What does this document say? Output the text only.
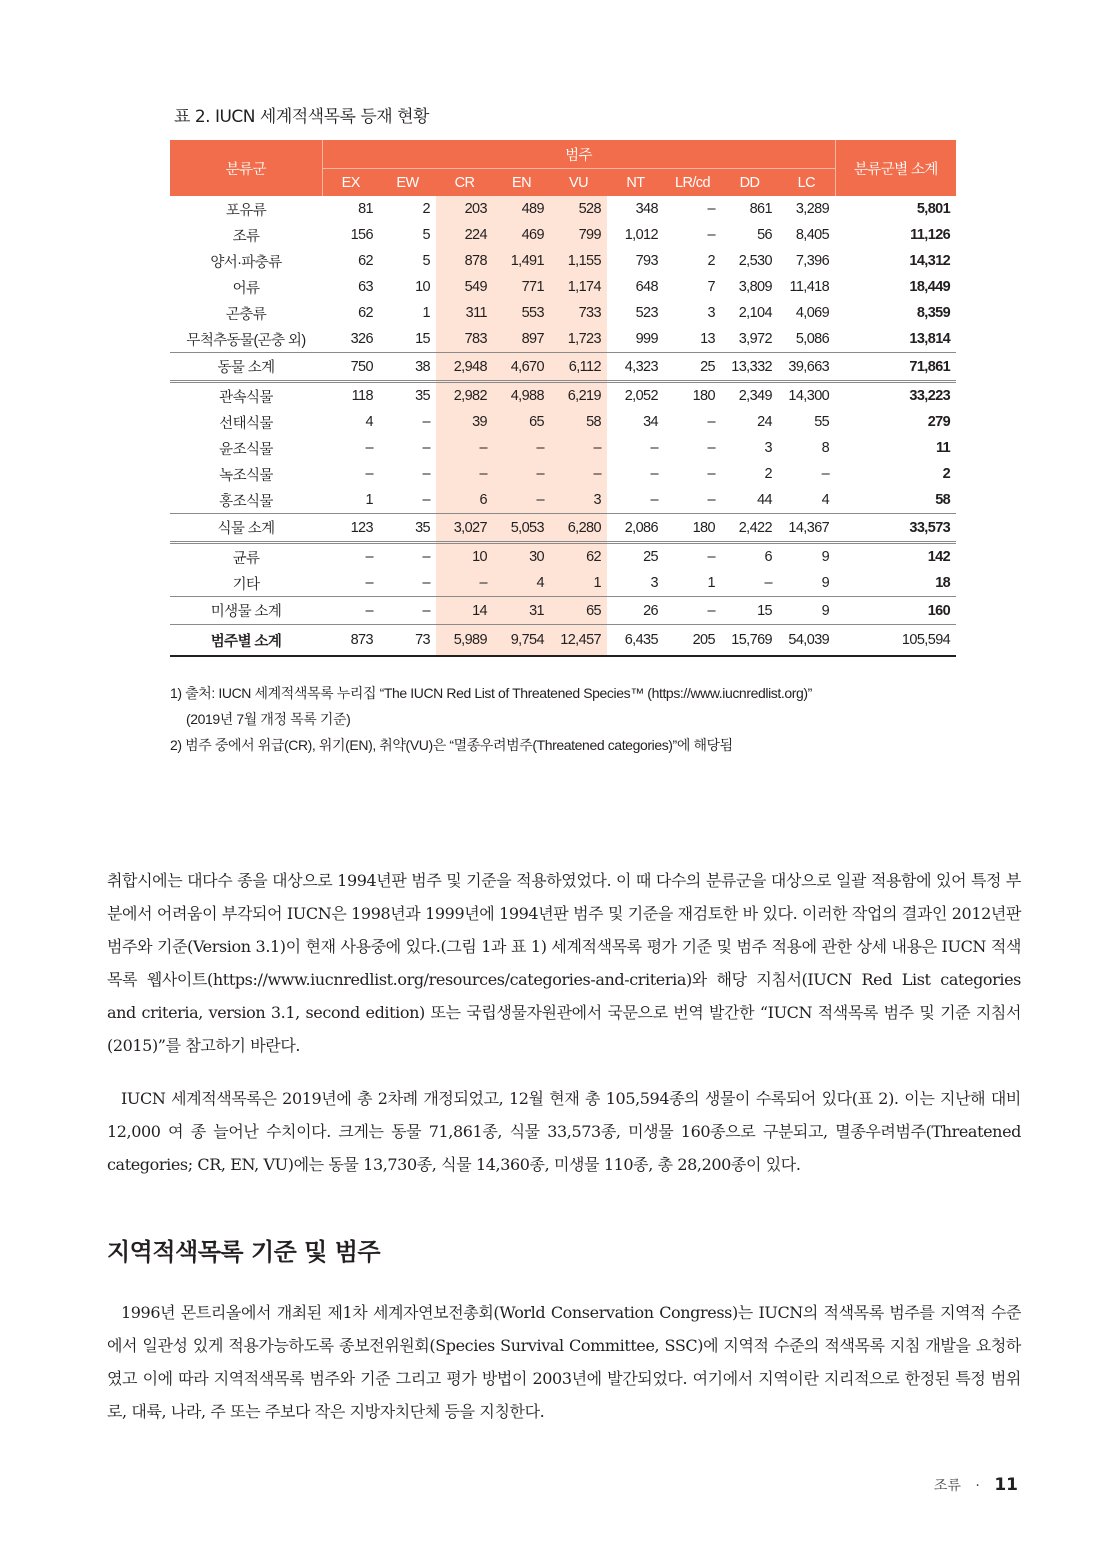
표 2. IUCN 세계적색목록 등재 현황
분류군	범주									분류군별 소계
	EX	EW	CR	EN	VU	NT	LR/cd	DD	LC	
포유류	81	2	203	489	528	348	–	861	3,289	5,801
조류	156	5	224	469	799	1,012	–	56	8,405	11,126
양서·파충류	62	5	878	1,491	1,155	793	2	2,530	7,396	14,312
어류	63	10	549	771	1,174	648	7	3,809	11,418	18,449
곤충류	62	1	311	553	733	523	3	2,104	4,069	8,359
무척추동물(곤충 외)	326	15	783	897	1,723	999	13	3,972	5,086	13,814
동물 소계	750	38	2,948	4,670	6,112	4,323	25	13,332	39,663	71,861
관속식물	118	35	2,982	4,988	6,219	2,052	180	2,349	14,300	33,223
선태식물	4	–	39	65	58	34	–	24	55	279
윤조식물	–	–	–	–	–	–	–	3	8	11
녹조식물	–	–	–	–	–	–	–	2	–	2
홍조식물	1	–	6	–	3	–	–	44	4	58
식물 소계	123	35	3,027	5,053	6,280	2,086	180	2,422	14,367	33,573
균류	–	–	10	30	62	25	–	6	9	142
기타	–	–	–	4	1	3	1	–	9	18
미생물 소계	–	–	14	31	65	26	–	15	9	160
범주별 소계	873	73	5,989	9,754	12,457	6,435	205	15,769	54,039	105,594
1) 출처: IUCN 세계적색목록 누리집 “The IUCN Red List of Threatened Species™ (https://www.iucnredlist.org)”
(2019년 7월 개정 목록 기준)
2) 범주 중에서 위급(CR), 위기(EN), 취약(VU)은 “멸종우려범주(Threatened categories)”에 해당됨
취합시에는 대다수 종을 대상으로 1994년판 범주 및 기준을 적용하였었다. 이 때 다수의 분류군을 대상으로 일괄 적용함에 있어 특정 부분에서 어려움이 부각되어 IUCN은 1998년과 1999년에 1994년판 범주 및 기준을 재검토한 바 있다. 이러한 작업의 결과인 2012년판 범주와 기준(Version 3.1)이 현재 사용중에 있다.(그림 1과 표 1) 세계적색목록 평가 기준 및 범주 적용에 관한 상세 내용은 IUCN 적색목록 웹사이트(https://www.iucnredlist.org/resources/categories-and-criteria)와 해당 지침서(IUCN Red List categories and criteria, version 3.1, second edition) 또는 국립생물자원관에서 국문으로 번역 발간한 “IUCN 적색목록 범주 및 기준 지침서(2015)”를 참고하기 바란다.
IUCN 세계적색목록은 2019년에 총 2차례 개정되었고, 12월 현재 총 105,594종의 생물이 수록되어 있다(표 2). 이는 지난해 대비 12,000 여 종 늘어난 수치이다. 크게는 동물 71,861종, 식물 33,573종, 미생물 160종으로 구분되고, 멸종우려범주(Threatened categories; CR, EN, VU)에는 동물 13,730종, 식물 14,360종, 미생물 110종, 총 28,200종이 있다.
지역적색목록 기준 및 범주
1996년 몬트리올에서 개최된 제1차 세계자연보전총회(World Conservation Congress)는 IUCN의 적색목록 범주를 지역적 수준에서 일관성 있게 적용가능하도록 종보전위원회(Species Survival Committee, SSC)에 지역적 수준의 적색목록 지침 개발을 요청하였고 이에 따라 지역적색목록 범주와 기준 그리고 평가 방법이 2003년에 발간되었다. 여기에서 지역이란 지리적으로 한정된 특정 범위로, 대륙, 나라, 주 또는 주보다 작은 지방자치단체 등을 지칭한다.
조류 · 11
